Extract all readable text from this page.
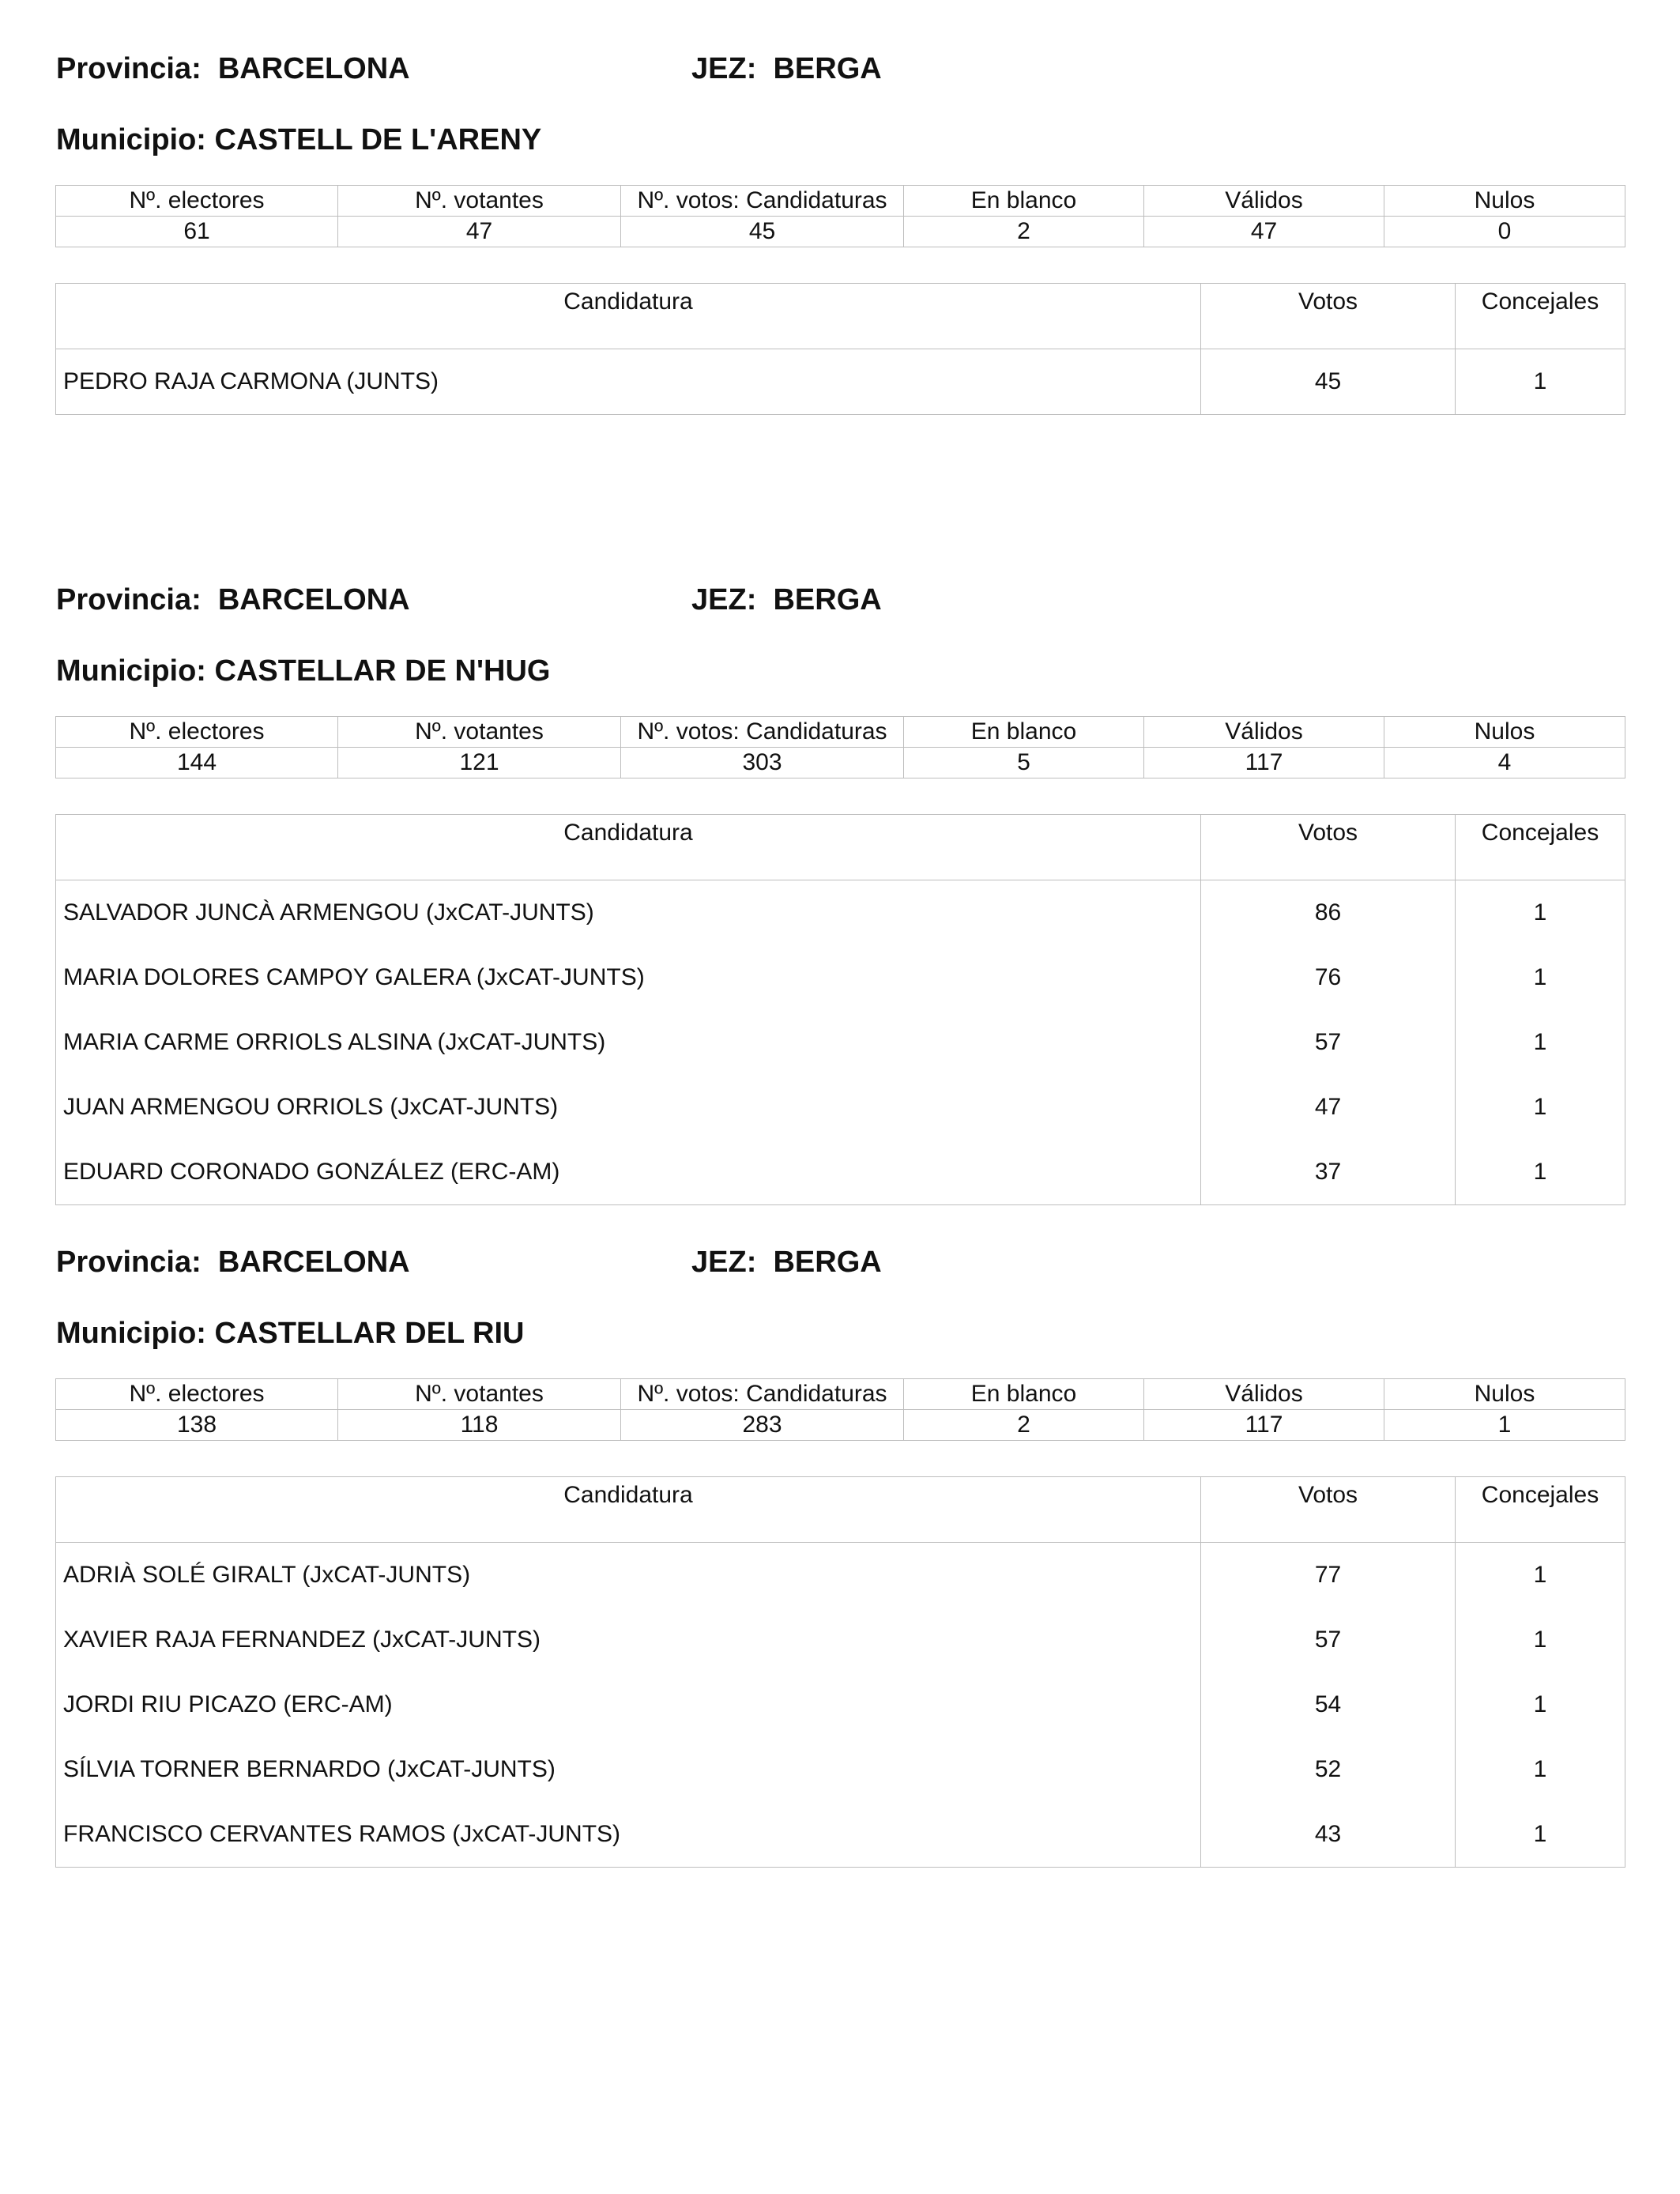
Provincia:  BARCELONA	JEZ:  BERGA
Municipio: CASTELL DE L'ARENY
Nº. electores	Nº. votantes	Nº. votos: Candidaturas	En blanco	Válidos	Nulos
61	47	45	2	47	0
Candidatura	Votos	Concejales
PEDRO RAJA CARMONA (JUNTS)	45	1
Provincia:  BARCELONA	JEZ:  BERGA
Municipio: CASTELLAR DE N'HUG
Nº. electores	Nº. votantes	Nº. votos: Candidaturas	En blanco	Válidos	Nulos
144	121	303	5	117	4
Candidatura	Votos	Concejales
SALVADOR JUNCÀ ARMENGOU (JxCAT-JUNTS)	86	1
MARIA DOLORES CAMPOY GALERA (JxCAT-JUNTS)	76	1
MARIA CARME ORRIOLS ALSINA (JxCAT-JUNTS)	57	1
JUAN ARMENGOU ORRIOLS (JxCAT-JUNTS)	47	1
EDUARD CORONADO GONZÁLEZ (ERC-AM)	37	1
Provincia:  BARCELONA	JEZ:  BERGA
Municipio: CASTELLAR DEL RIU
Nº. electores	Nº. votantes	Nº. votos: Candidaturas	En blanco	Válidos	Nulos
138	118	283	2	117	1
Candidatura	Votos	Concejales
ADRIÀ SOLÉ GIRALT (JxCAT-JUNTS)	77	1
XAVIER RAJA FERNANDEZ (JxCAT-JUNTS)	57	1
JORDI RIU PICAZO (ERC-AM)	54	1
SÍLVIA TORNER BERNARDO (JxCAT-JUNTS)	52	1
FRANCISCO CERVANTES RAMOS (JxCAT-JUNTS)	43	1
